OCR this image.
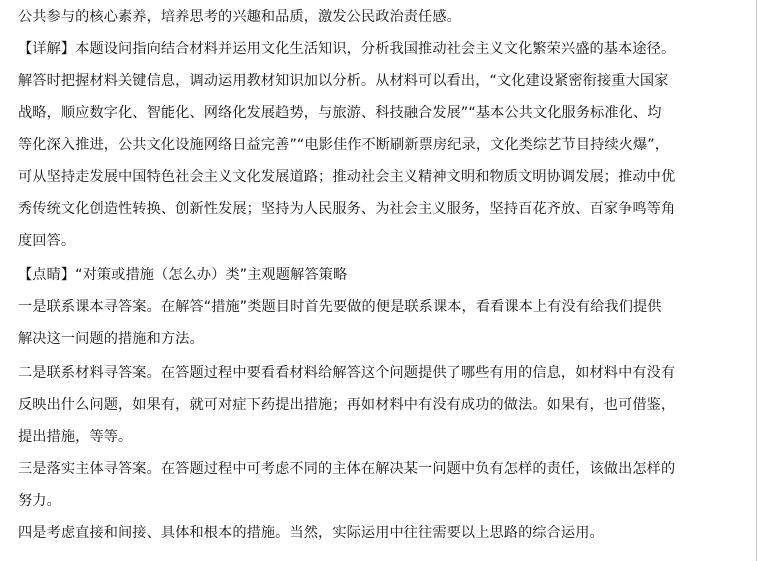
公共参与的核心素养，培养思考的兴趣和品质，激发公民政治责任感。
【详解】本题设问指向结合材料并运用文化生活知识，分析我国推动社会主义文化繁荣兴盛的基本途径。
解答时把握材料关键信息，调动运用教材知识加以分析。从材料可以看出，“文化建设紧密衔接重大国家
战略，顺应数字化、智能化、网络化发展趋势，与旅游、科技融合发展”“基本公共文化服务标准化、均
等化深入推进，公共文化设施网络日益完善”“电影佳作不断刷新票房纪录，文化类综艺节目持续火爆”，
可从坚持走发展中国特色社会主义文化发展道路；推动社会主义精神文明和物质文明协调发展；推动中优
秀传统文化创造性转换、创新性发展；坚持为人民服务、为社会主义服务，坚持百花齐放、百家争鸣等角
度回答。
【点睛】“对策或措施（怎么办）类”主观题解答策略
一是联系课本寻答案。在解答“措施”类题目时首先要做的便是联系课本，看看课本上有没有给我们提供
解决这一问题的措施和方法。
二是联系材料寻答案。在答题过程中要看看材料给解答这个问题提供了哪些有用的信息，如材料中有没有
反映出什么问题，如果有，就可对症下药提出措施；再如材料中有没有成功的做法。如果有，也可借鉴，
提出措施，等等。
三是落实主体寻答案。在答题过程中可考虑不同的主体在解决某一问题中负有怎样的责任，该做出怎样的
努力。
四是考虑直接和间接、具体和根本的措施。当然，实际运用中往往需要以上思路的综合运用。
